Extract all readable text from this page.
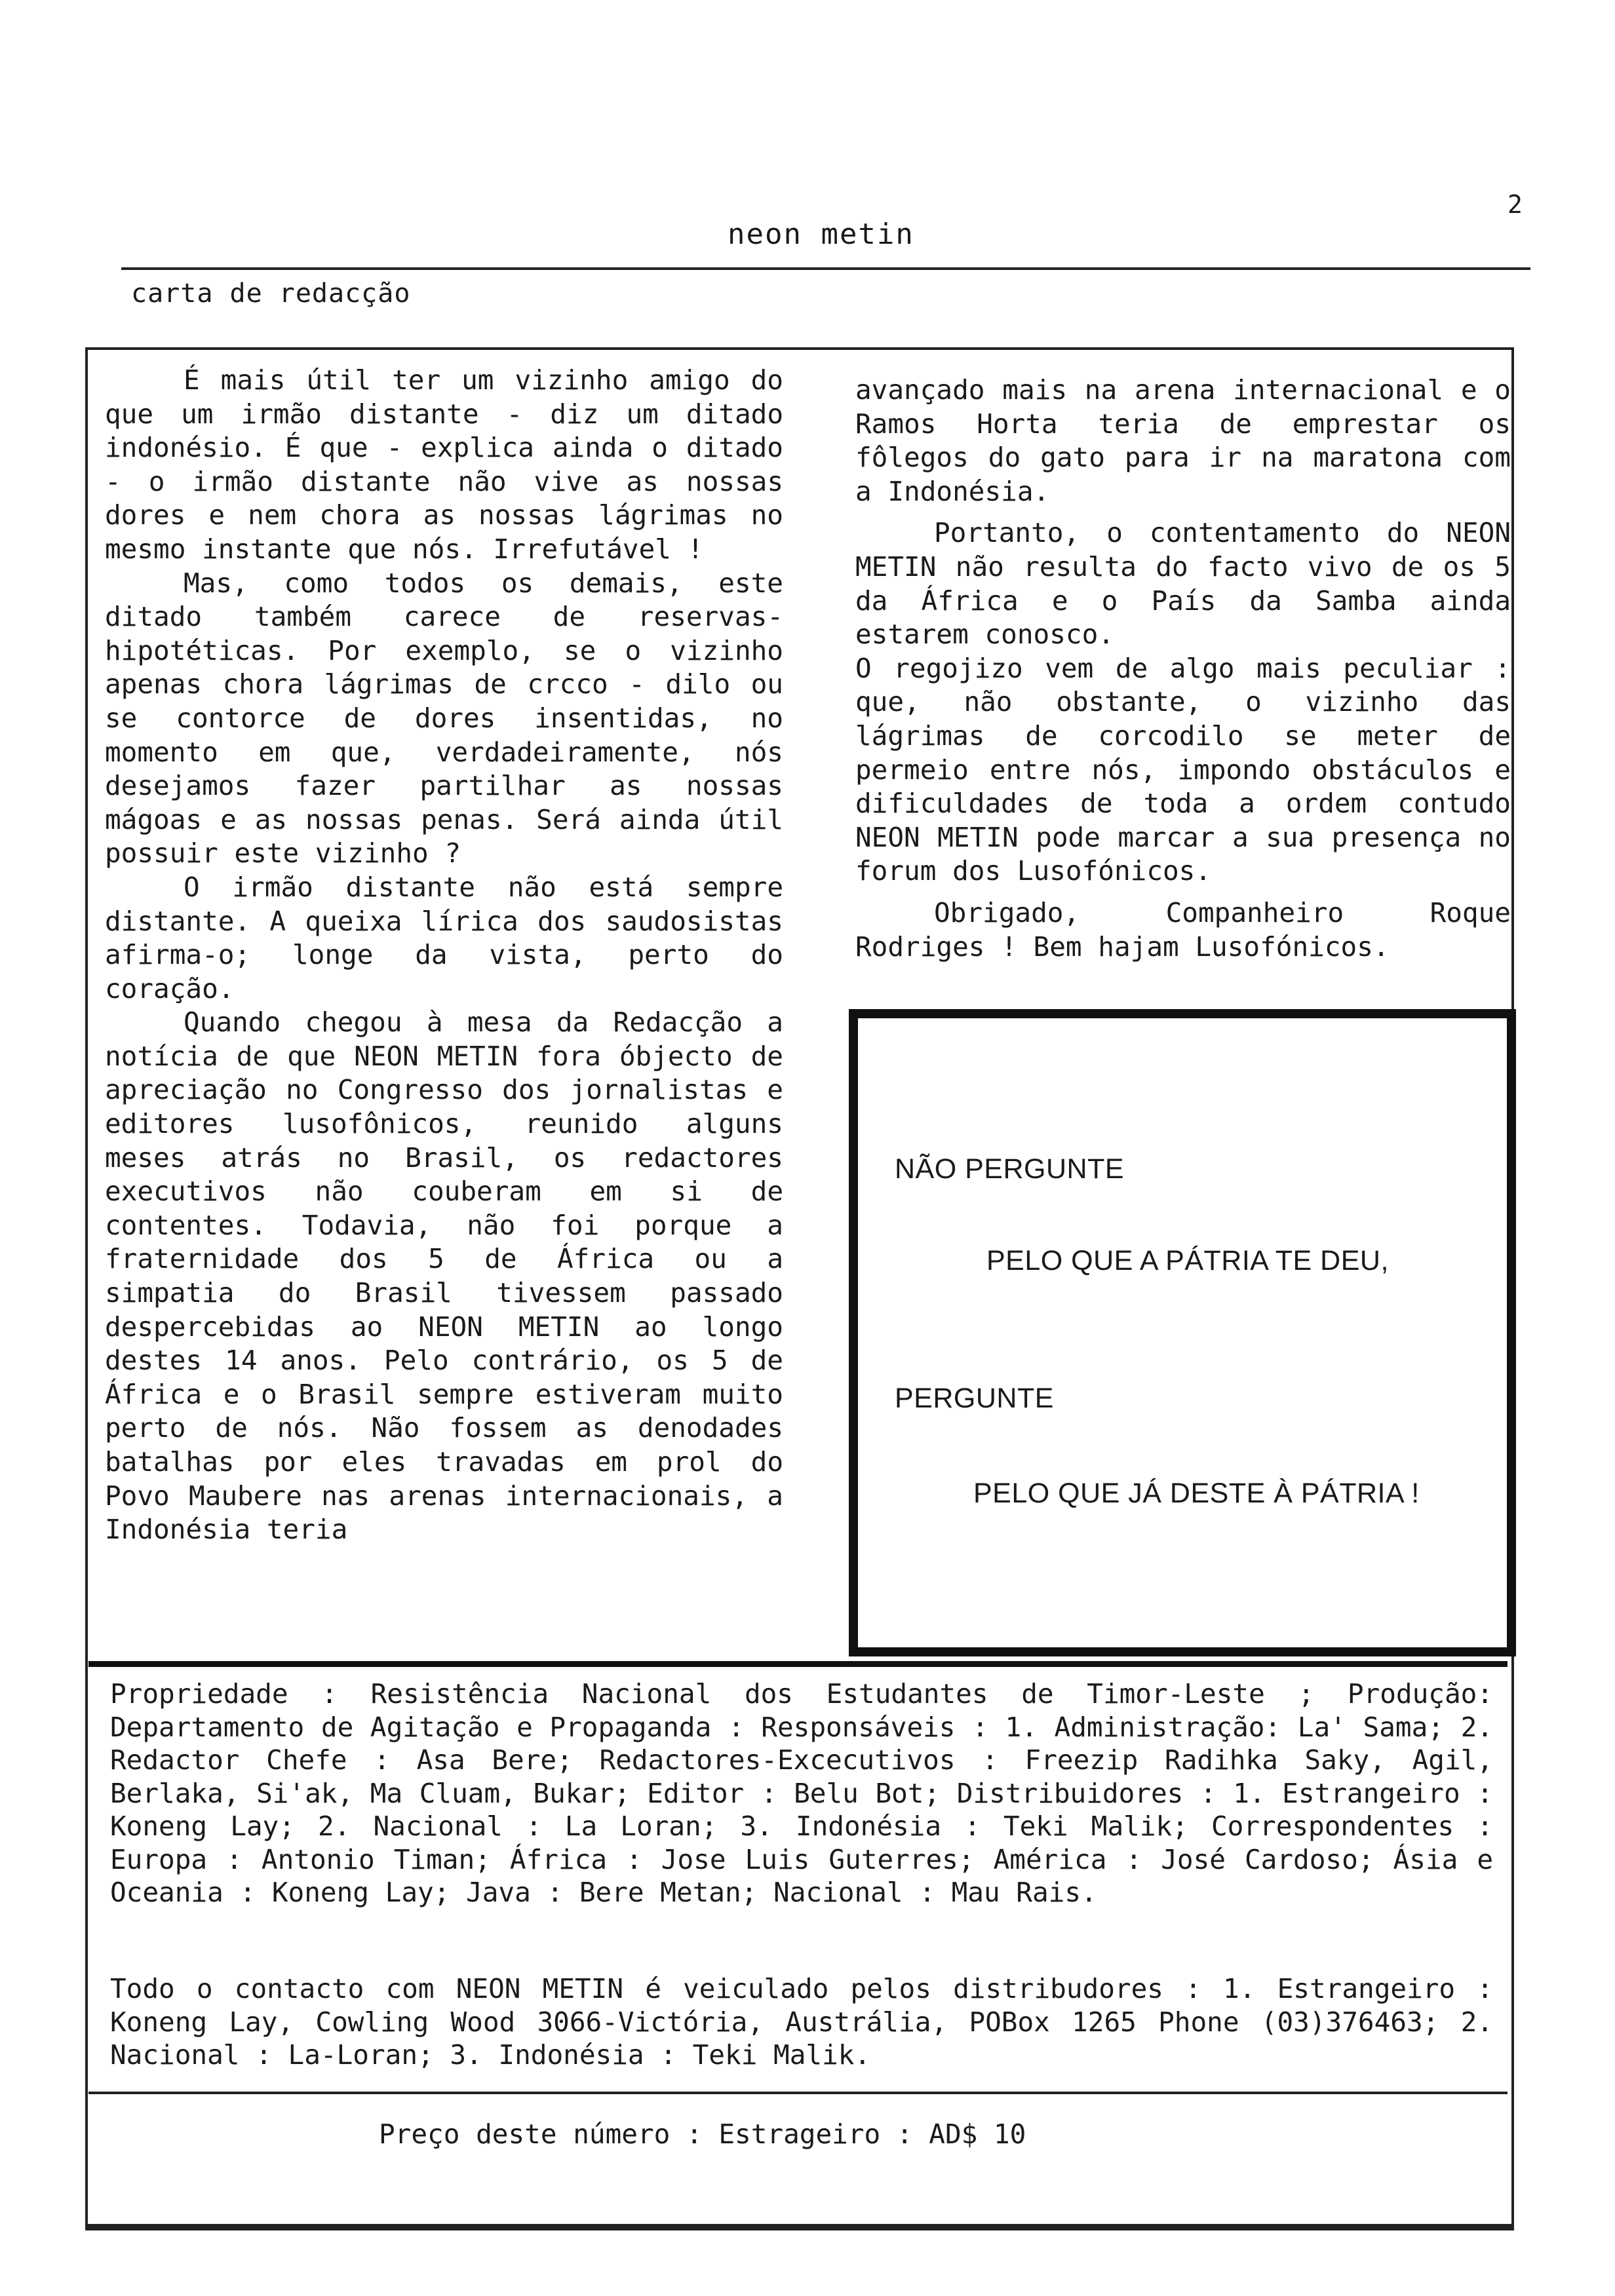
2
neon metin
carta de redacção

É mais útil ter um vizinho amigo do que um irmão distante - diz um ditado indonésio. É que - explica ainda o ditado - o irmão distante não vive as nossas dores e nem chora as nossas lágrimas no mesmo instante que nós. Irrefutável !

Mas, como todos os demais, este ditado também carece de reservas-hipotéticas. Por exemplo, se o vizinho apenas chora lágrimas de crcco - dilo ou se contorce de dores insentidas, no momento em que, verdadeiramente, nós desejamos fazer partilhar as nossas mágoas e as nossas penas. Será ainda útil possuir este vizinho ?

O irmão distante não está sempre distante. A queixa lírica dos saudosistas afirma-o; longe da vista, perto do coração.

Quando chegou à mesa da Redacção a notícia de que NEON METIN fora óbjecto de apreciação no Congresso dos jornalistas e editores lusofônicos, reunido alguns meses atrás no Brasil, os redactores executivos não couberam em si de contentes. Todavia, não foi porque a fraternidade dos 5 de África ou a simpatia do Brasil tivessem passado despercebidas ao NEON METIN ao longo destes 14 anos. Pelo contrário, os 5 de África e o Brasil sempre estiveram muito perto de nós. Não fossem as denodades batalhas por eles travadas em prol do Povo Maubere nas arenas internacionais, a Indonésia teria

avançado mais na arena internacional e o Ramos Horta teria de emprestar os fôlegos do gato para ir na maratona com a Indonésia.

Portanto, o contentamento do NEON METIN não resulta do facto vivo de os 5 da África e o País da Samba ainda estarem conosco.

O regojizo vem de algo mais peculiar : que, não obstante, o vizinho das lágrimas de corcodilo se meter de permeio entre nós, impondo obstáculos e dificuldades de toda a ordem contudo NEON METIN pode marcar a sua presença no forum dos Lusofónicos.

Obrigado, Companheiro Roque Rodriges ! Bem hajam Lusofónicos.

NÃO PERGUNTE
PELO QUE A PÁTRIA TE DEU,
PERGUNTE
PELO QUE JÁ DESTE À PÁTRIA !
Propriedade : Resistência Nacional dos Estudantes de Timor-Leste ; Produção: Departamento de Agitação e Propaganda : Responsáveis : 1. Administração: La' Sama; 2. Redactor Chefe : Asa Bere; Redactores-Excecutivos : Freezip Radihka Saky, Agil, Berlaka, Si'ak, Ma Cluam, Bukar; Editor : Belu Bot; Distribuidores : 1. Estrangeiro : Koneng Lay; 2. Nacional : La Loran; 3. Indonésia : Teki Malik; Correspondentes : Europa : Antonio Timan; África : Jose Luis Guterres; América : José Cardoso; Ásia e Oceania : Koneng Lay; Java : Bere Metan; Nacional : Mau Rais.
Todo o contacto com NEON METIN é veiculado pelos distribudores : 1. Estrangeiro : Koneng Lay, Cowling Wood 3066-Victória, Austrália, POBox 1265 Phone (03)376463; 2. Nacional : La-Loran; 3. Indonésia : Teki Malik.
Preço deste número : Estrageiro : AD$ 10
